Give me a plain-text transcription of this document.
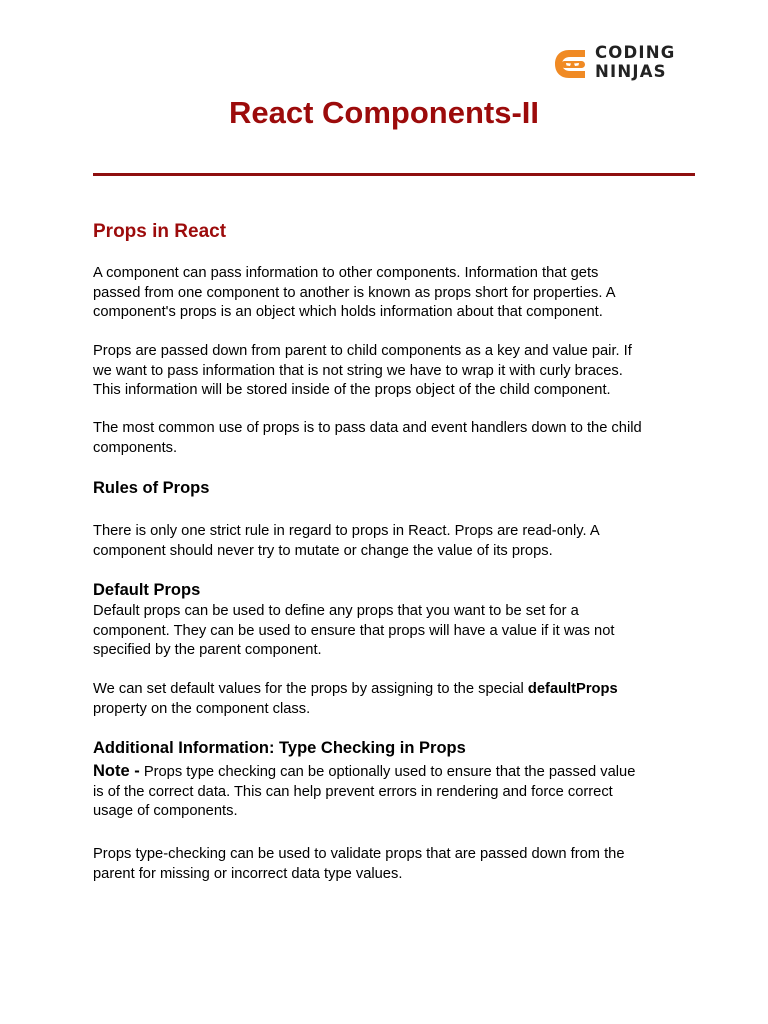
CODING
NINJAS
React Components-II
Props in React
A component can pass information to other components. Information that gets
passed from one component to another is known as props short for properties. A
component's props is an object which holds information about that component.
Props are passed down from parent to child components as a key and value pair. If
we want to pass information that is not string we have to wrap it with curly braces.
This information will be stored inside of the props object of the child component.
The most common use of props is to pass data and event handlers down to the child
components.
Rules of Props
There is only one strict rule in regard to props in React. Props are read-only. A
component should never try to mutate or change the value of its props.
Default Props
Default props can be used to define any props that you want to be set for a
component. They can be used to ensure that props will have a value if it was not
specified by the parent component.
We can set default values for the props by assigning to the special defaultProps
property on the component class.
Additional Information: Type Checking in Props
Note - Props type checking can be optionally used to ensure that the passed value
is of the correct data. This can help prevent errors in rendering and force correct
usage of components.
Props type-checking can be used to validate props that are passed down from the
parent for missing or incorrect data type values.
